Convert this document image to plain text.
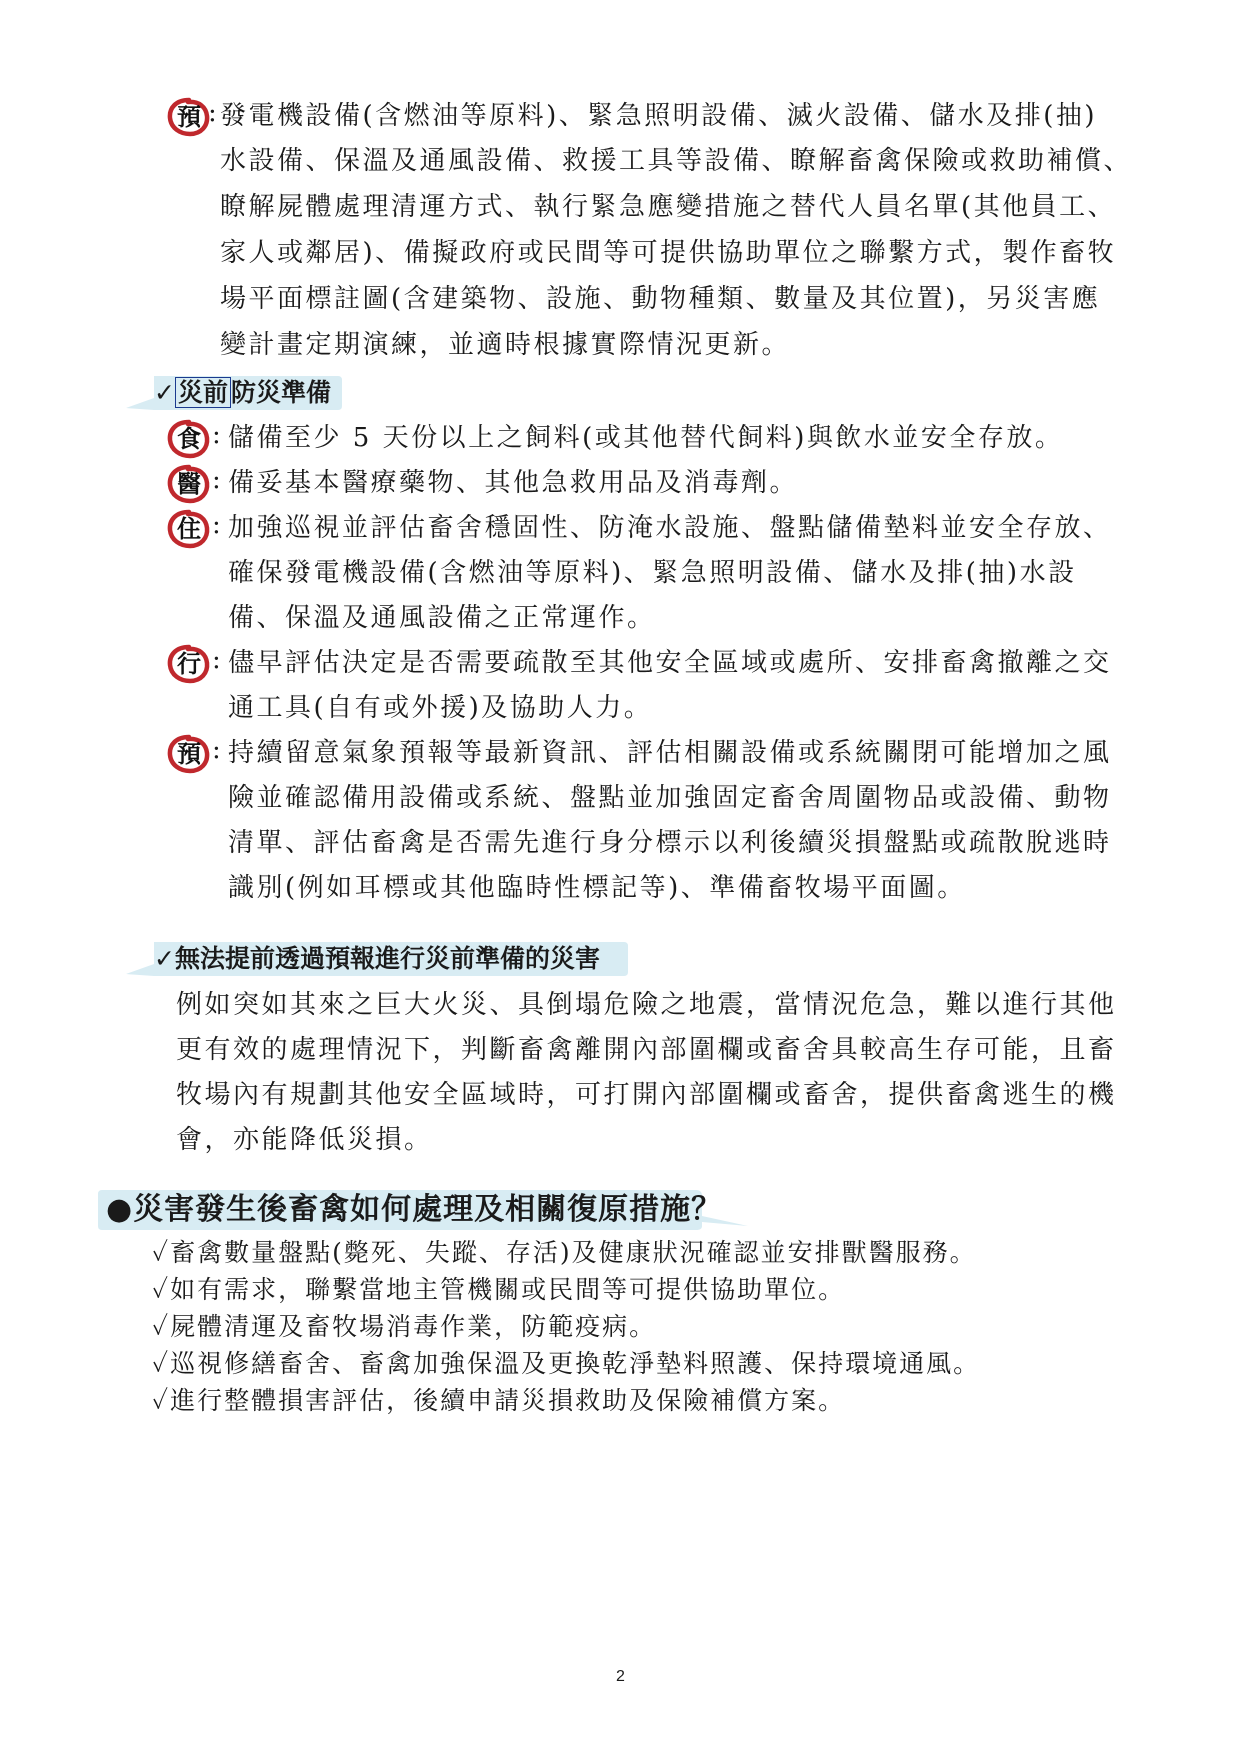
預 : 發電機設備(含燃油等原料)、緊急照明設備、滅火設備、儲水及排(抽)
水設備、保溫及通風設備、救援工具等設備、瞭解畜禽保險或救助補償、
瞭解屍體處理清運方式、執行緊急應變措施之替代人員名單(其他員工、
家人或鄰居)、備擬政府或民間等可提供協助單位之聯繫方式，製作畜牧
場平面標註圖(含建築物、設施、動物種類、數量及其位置)，另災害應
變計畫定期演練，並適時根據實際情況更新。
✓ 災前 防災準備
食 : 儲備至少 5 天份以上之飼料(或其他替代飼料)與飲水並安全存放。
醫 : 備妥基本醫療藥物、其他急救用品及消毒劑。
住 : 加強巡視並評估畜舍穩固性、防淹水設施、盤點儲備墊料並安全存放、
確保發電機設備(含燃油等原料)、緊急照明設備、儲水及排(抽)水設
備、保溫及通風設備之正常運作。
行 : 儘早評估決定是否需要疏散至其他安全區域或處所、安排畜禽撤離之交
通工具(自有或外援)及協助人力。
預 : 持續留意氣象預報等最新資訊、評估相關設備或系統關閉可能增加之風
險並確認備用設備或系統、盤點並加強固定畜舍周圍物品或設備、動物
清單、評估畜禽是否需先進行身分標示以利後續災損盤點或疏散脫逃時
識別(例如耳標或其他臨時性標記等)、準備畜牧場平面圖。
✓無法提前透過預報進行災前準備的災害
例如突如其來之巨大火災、具倒塌危險之地震，當情況危急，難以進行其他
更有效的處理情況下，判斷畜禽離開內部圍欄或畜舍具較高生存可能，且畜
牧場內有規劃其他安全區域時，可打開內部圍欄或畜舍，提供畜禽逃生的機
會，亦能降低災損。
●災害發生後畜禽如何處理及相關復原措施？
✓畜禽數量盤點(斃死、失蹤、存活)及健康狀況確認並安排獸醫服務。
✓如有需求，聯繫當地主管機關或民間等可提供協助單位。
✓屍體清運及畜牧場消毒作業，防範疫病。
✓巡視修繕畜舍、畜禽加強保溫及更換乾淨墊料照護、保持環境通風。
✓進行整體損害評估，後續申請災損救助及保險補償方案。
2
